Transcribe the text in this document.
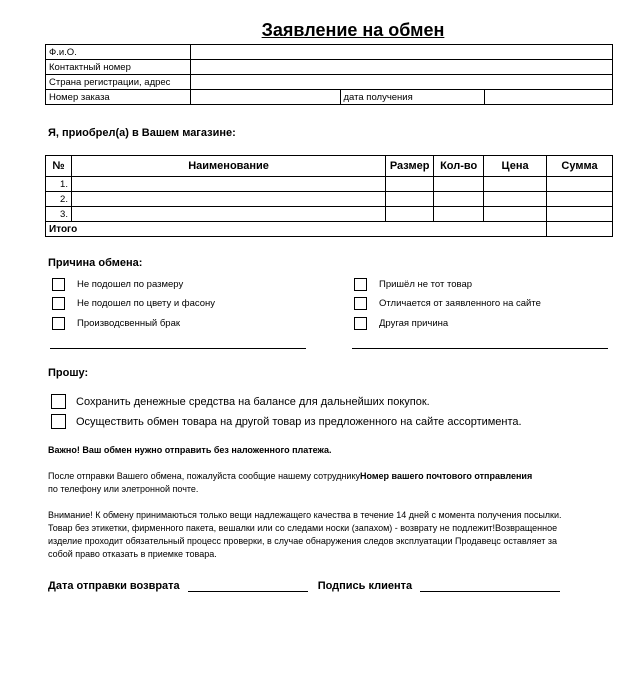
Заявление на обмен
Ф.и.О.			
Контактный номер			
Страна регистрации, адрес			
Номер заказа		дата получения	
Я, приобрел(а) в Вашем магазине:
№	Наименование	Размер	Кол-во	Цена	Сумма
1.					
2.					
3.					
Итого					
Причина обмена:
Не подошел по размеру
Не подошел по цвету и фасону
Производсвенный брак
Пришёл не тот товар
Отличается от заявленного на сайте
Другая причина
Прошу:
Сохранить денежные средства на балансе для дальнейших покупок.
Осуществить обмен товара на другой товар из предложенного на сайте ассортимента.
Важно! Ваш обмен нужно отправить без наложенного платежа.
После отправки Вашего обмена, пожалуйста сообщие нашему сотрудникуНомер вашего почтового отправления
по телефону или элетронной почте.
Внимание! К обмену принимаються только вещи надлежащего качества в течение 14 дней с момента получения посылки.
Товар без этикетки, фирменного пакета, вешалки или со следами носки (запахом) - возврату не подлежит!Возвращенное
изделие проходит обязательный процесс проверки, в случае обнаружения следов эксплуатации Продавецс оставляет за
собой право отказать в приемке товара.
Дата отправки возврата	Подпись клиента
